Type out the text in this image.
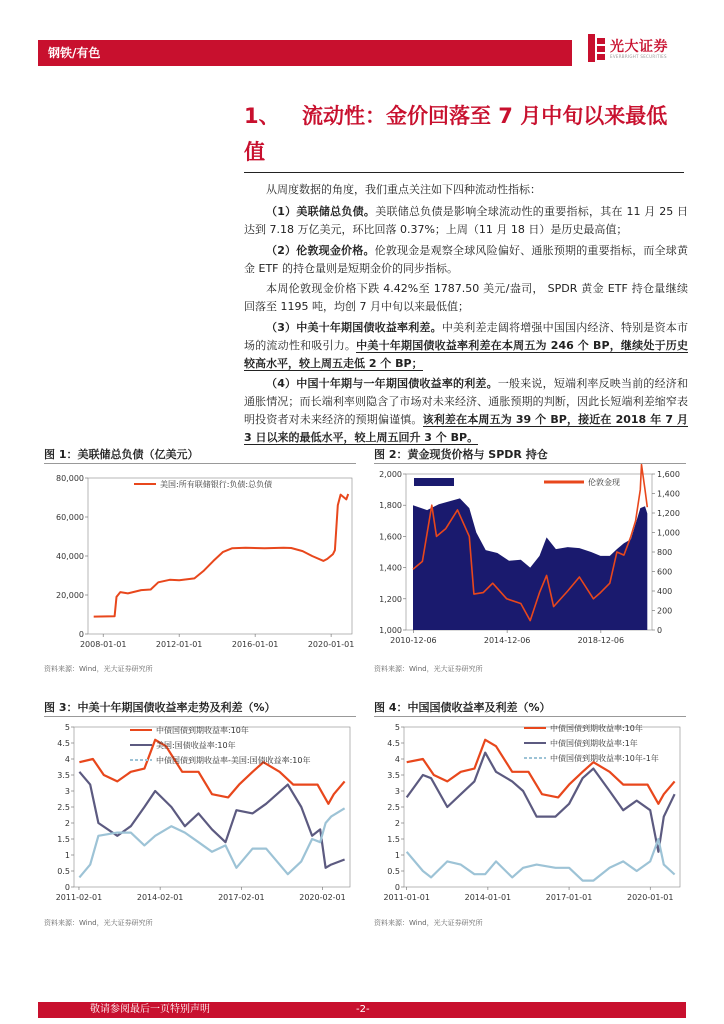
钢铁/有色	光大证券
EVERBRIGHT SECURITIES
1、 流动性：金价回落至 7 月中旬以来最低
值
从周度数据的角度，我们重点关注如下四种流动性指标：
（1）美联储总负债。美联储总负债是影响全球流动性的重要指标，其在 11 月 25 日达到 7.18 万亿美元，环比回落 0.37%；上周（11 月 18 日）是历史最高值；
（2）伦敦现金价格。伦敦现金是观察全球风险偏好、通胀预期的重要指标，而全球黄金 ETF 的持仓量则是短期金价的同步指标。
本周伦敦现金价格下跌 4.42%至 1787.50 美元/盎司， SPDR 黄金 ETF 持仓量继续回落至 1195 吨，均创 7 月中旬以来最低值；
（3）中美十年期国债收益率利差。中美利差走阔将增强中国国内经济、特别是资本市场的流动性和吸引力。中美十年期国债收益率利差在本周五为 246 个 BP，继续处于历史较高水平，较上周五走低 2 个 BP；
（4）中国十年期与一年期国债收益率的利差。一般来说，短端利率反映当前的经济和通胀情况；而长端利率则隐含了市场对未来经济、通胀预期的判断，因此长短端利差缩窄表明投资者对未来经济的预期偏谨慎。该利差在本周五为 39 个 BP，接近在 2018 年 7 月 3 日以来的最低水平，较上周五回升 3 个 BP。
图 1：美联储总负债（亿美元）
0
20,000
40,000
60,000
80,000
2008-01-01	2012-01-01	2016-01-01	2020-01-01
美国:所有联储银行:负债:总负债
资料来源：Wind，光大证券研究所
图 2：黄金现货价格与 SPDR 持仓
1,000
1,200
1,400
1,600
1,800
2,000
2010-12-06	2014-12-06	2018-12-06
0
200
400
600
800
1,000
1,200
1,400
1,600
SPDR:持有量（右）	伦敦金现
资料来源：Wind，光大证券研究所
图 3：中美十年期国债收益率走势及利差（%）
0
0.5
1
1.5
2
2.5
3
3.5
4
4.5
5
2011-02-01	2014-02-01	2017-02-01	2020-02-01
中债国债到期收益率:10年
美国:国债收益率:10年
中债国债到期收益率-美国:国债收益率:10年
资料来源：Wind，光大证券研究所
图 4：中国国债收益率及利差（%）
0
0.5
1
1.5
2
2.5
3
3.5
4
4.5
5
2011-01-01	2014-01-01	2017-01-01	2020-01-01
中债国债到期收益率:10年
中债国债到期收益率:1年
中债国债到期收益率:10年-1年
资料来源：Wind，光大证券研究所
敬请参阅最后一页特别声明	-2-
